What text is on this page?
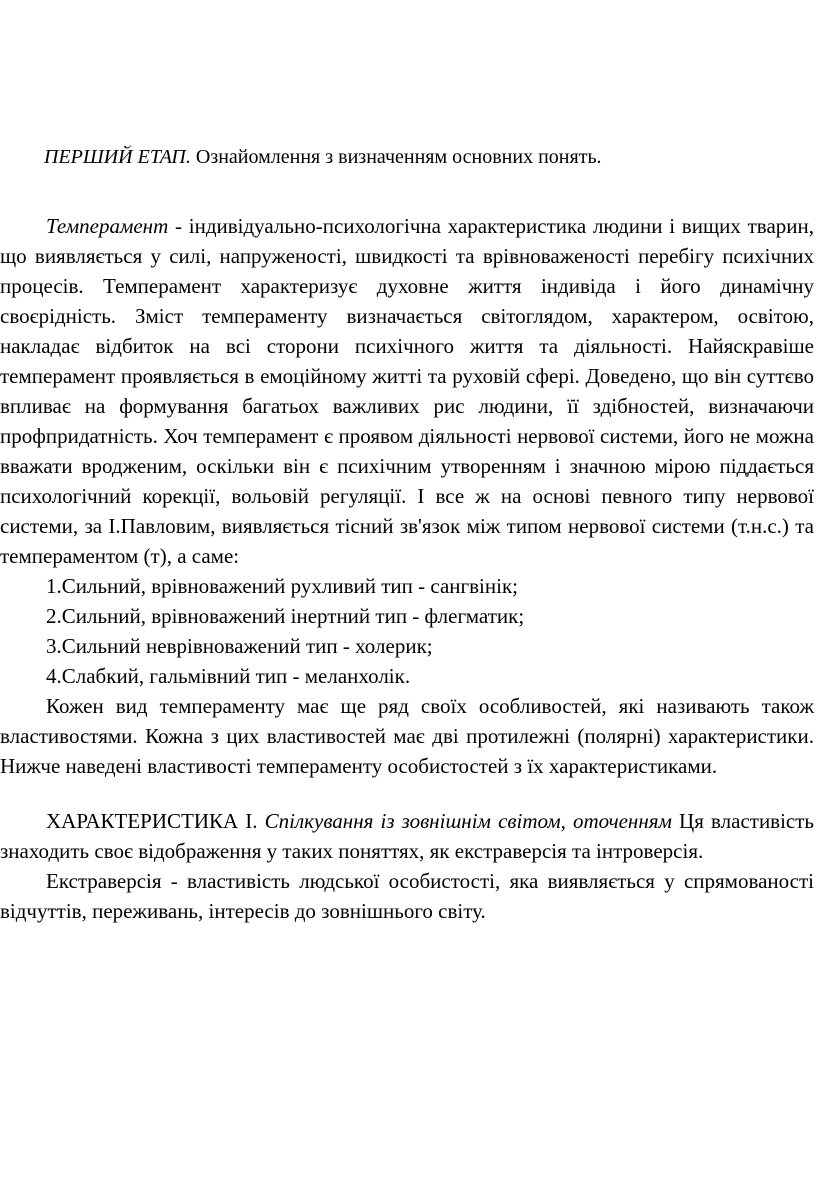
ПЕРШИЙ ЕТАП. Ознайомлення з визначенням основних понять.
Темперамент - індивідуально-психологічна характеристика людини і вищих тварин, що виявляється у силі, напруженості, швидкості та врівноваженості перебігу психічних процесів. Темперамент характеризує духовне життя індивіда і його динамічну своєрідність. Зміст темпераменту визначається світоглядом, характером, освітою, накладає відбиток на всі сторони психічного життя та діяльності. Найяскравіше темперамент проявляється в емоційному житті та руховій сфері. Доведено, що він суттєво впливає на формування багатьох важливих рис людини, її здібностей, визначаючи профпридатність. Хоч темперамент є проявом діяльності нервової системи, його не можна вважати вродженим, оскільки він є психічним утворенням і значною мірою піддається психологічний корекції, вольовій регуляції. І все ж на основі певного типу нервової системи, за І.Павловим, виявляється тісний зв'язок між типом нервової системи (т.н.с.) та темпераментом (т), а саме:
1.Сильний, врівноважений рухливий тип - сангвінік;
2.Сильний, врівноважений інертний тип - флегматик;
3.Сильний неврівноважений тип - холерик;
4.Слабкий, гальмівний тип - меланхолік.
Кожен вид темпераменту має ще ряд своїх особливостей, які називають також властивостями. Кожна з цих властивостей має дві протилежні (полярні) характеристики. Нижче наведені властивості темпераменту особистостей з їх характеристиками.
ХАРАКТЕРИСТИКА І. Спілкування із зовнішнім світом, оточенням Ця властивість знаходить своє відображення у таких поняттях, як екстраверсія та інтроверсія.
Екстраверсія - властивість людської особистості, яка виявляється у спрямованості відчуттів, переживань, інтересів до зовнішнього світу.
